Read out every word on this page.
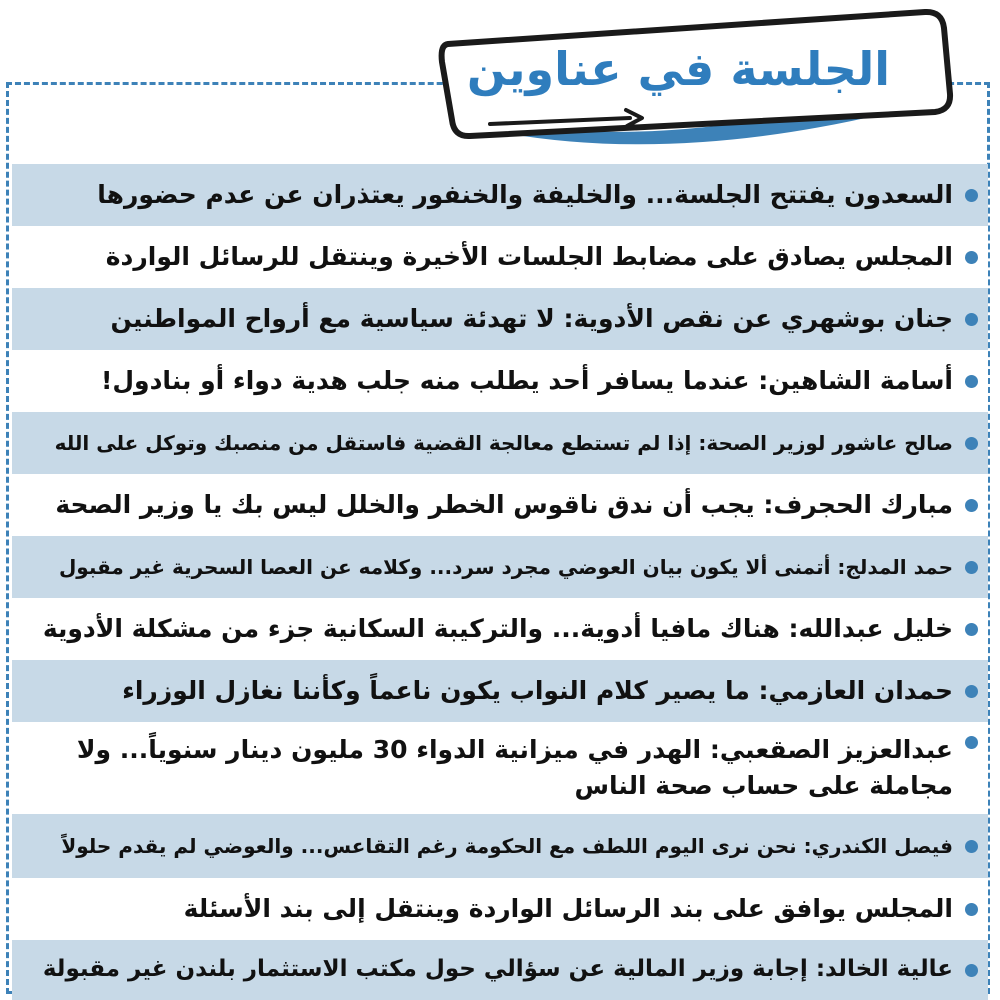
الجلسة في عناوين
السعدون يفتتح الجلسة... والخليفة والخنفور يعتذران عن عدم حضورها
المجلس يصادق على مضابط الجلسات الأخيرة وينتقل للرسائل الواردة
جنان بوشهري عن نقص الأدوية: لا تهدئة سياسية مع أرواح المواطنين
أسامة الشاهين: عندما يسافر أحد يطلب منه جلب هدية دواء أو بنادول!
صالح عاشور لوزير الصحة: إذا لم تستطع معالجة القضية فاستقل من منصبك وتوكل على الله
مبارك الحجرف: يجب أن ندق ناقوس الخطر والخلل ليس بك يا وزير الصحة
حمد المدلج: أتمنى ألا يكون بيان العوضي مجرد سرد... وكلامه عن العصا السحرية غير مقبول
خليل عبدالله: هناك مافيا أدوية... والتركيبة السكانية جزء من مشكلة الأدوية
حمدان العازمي: ما يصير كلام النواب يكون ناعماً وكأننا نغازل الوزراء
عبدالعزيز الصقعبي: الهدر في ميزانية الدواء 30 مليون دينار سنوياً... ولا مجاملة على حساب صحة الناس
فيصل الكندري: نحن نرى اليوم اللطف مع الحكومة رغم التقاعس... والعوضي لم يقدم حلولاً
المجلس يوافق على بند الرسائل الواردة وينتقل إلى بند الأسئلة
عالية الخالد: إجابة وزير المالية عن سؤالي حول مكتب الاستثمار بلندن غير مقبولة
